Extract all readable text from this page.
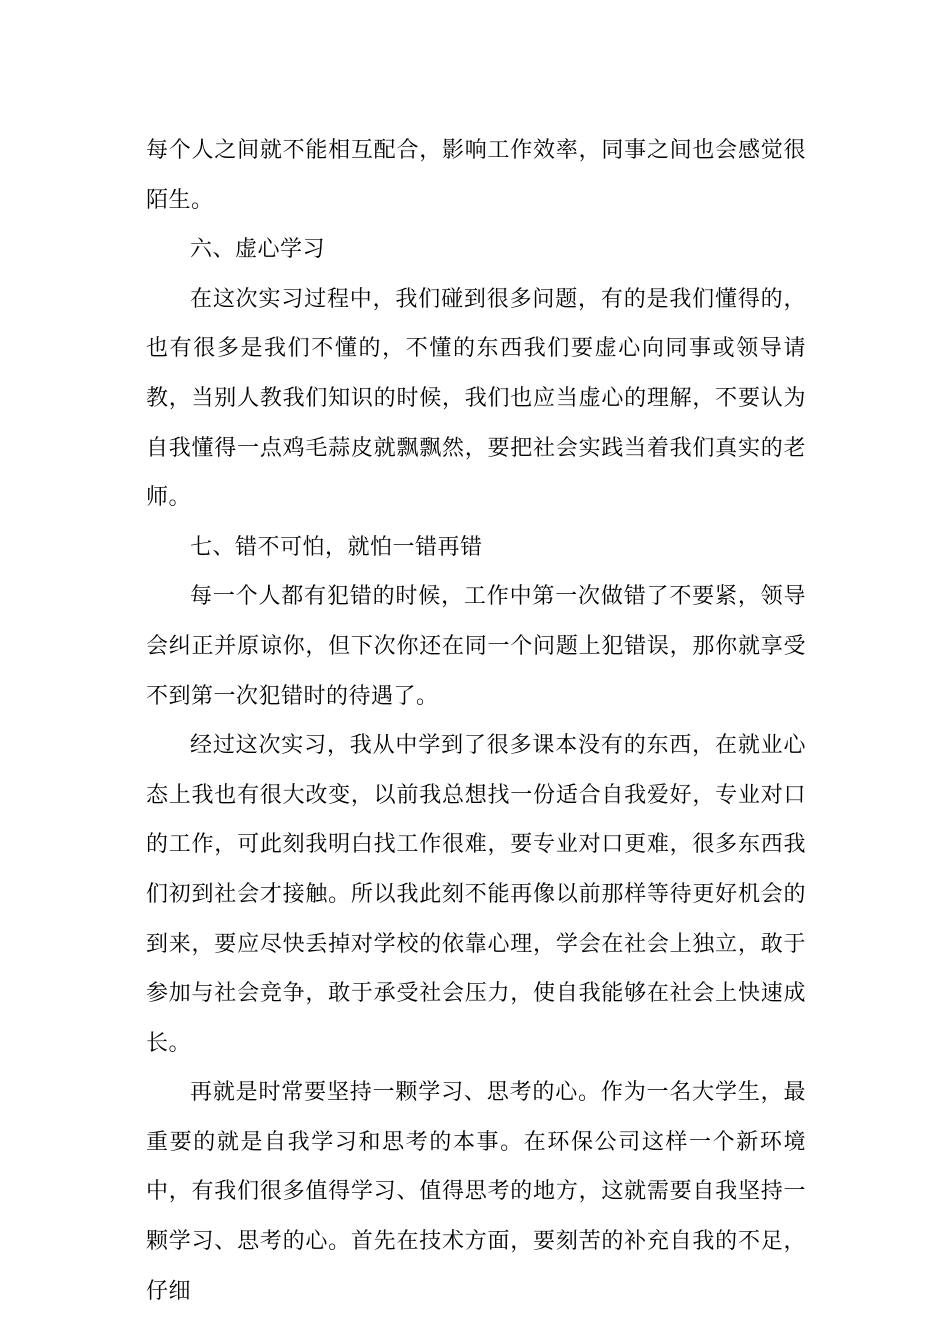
每个人之间就不能相互配合，影响工作效率，同事之间也会感觉很陌生。

六、虚心学习

在这次实习过程中，我们碰到很多问题，有的是我们懂得的，也有很多是我们不懂的，不懂的东西我们要虚心向同事或领导请教，当别人教我们知识的时候，我们也应当虚心的理解，不要认为自我懂得一点鸡毛蒜皮就飘飘然，要把社会实践当着我们真实的老师。

七、错不可怕，就怕一错再错

每一个人都有犯错的时候，工作中第一次做错了不要紧，领导会纠正并原谅你，但下次你还在同一个问题上犯错误，那你就享受不到第一次犯错时的待遇了。

经过这次实习，我从中学到了很多课本没有的东西，在就业心态上我也有很大改变，以前我总想找一份适合自我爱好，专业对口的工作，可此刻我明白找工作很难，要专业对口更难，很多东西我们初到社会才接触。所以我此刻不能再像以前那样等待更好机会的到来，要应尽快丢掉对学校的依靠心理，学会在社会上独立，敢于参加与社会竞争，敢于承受社会压力，使自我能够在社会上快速成长。

再就是时常要坚持一颗学习、思考的心。作为一名大学生，最重要的就是自我学习和思考的本事。在环保公司这样一个新环境中，有我们很多值得学习、值得思考的地方，这就需要自我坚持一颗学习、思考的心。首先在技术方面，要刻苦的补充自我的不足，仔细
